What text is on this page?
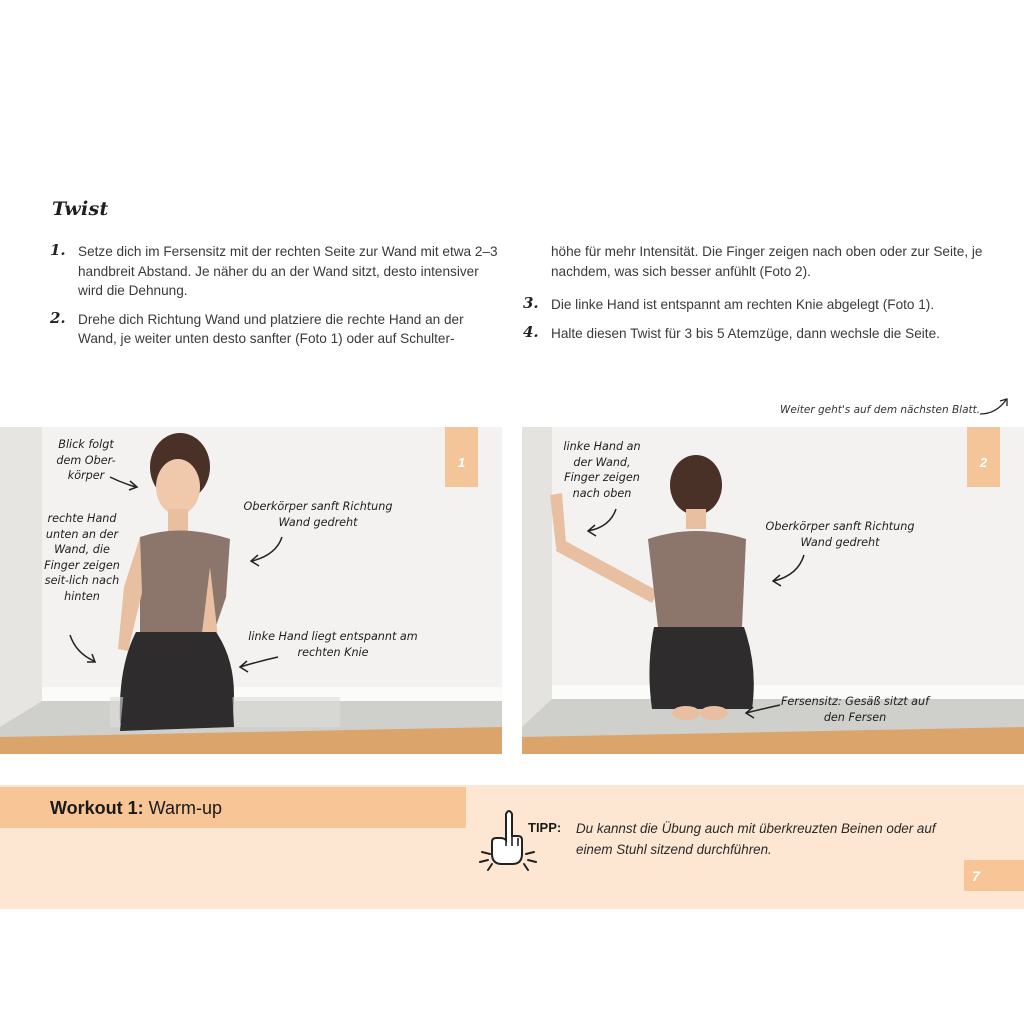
Twist
1. Setze dich im Fersensitz mit der rechten Seite zur Wand mit etwa 2–3 handbreit Abstand. Je näher du an der Wand sitzt, desto intensiver wird die Dehnung.
2. Drehe dich Richtung Wand und platziere die rechte Hand an der Wand, je weiter unten desto sanfter (Foto 1) oder auf Schulter-
höhe für mehr Intensität. Die Finger zeigen nach oben oder zur Seite, je nachdem, was sich besser anfühlt (Foto 2).
3. Die linke Hand ist entspannt am rechten Knie abgelegt (Foto 1).
4. Halte diesen Twist für 3 bis 5 Atemzüge, dann wechsle die Seite.
Weiter geht's auf dem nächsten Blatt.
1
Blick folgt dem Ober-körper
rechte Hand unten an der Wand, die Finger zeigen seit-lich nach hinten
Oberkörper sanft Richtung Wand gedreht
linke Hand liegt entspannt am rechten Knie
2
linke Hand an der Wand, Finger zeigen nach oben
Oberkörper sanft Richtung Wand gedreht
Fersensitz: Gesäß sitzt auf den Fersen
Workout 1: Warm-up
TIPP: Du kannst die Übung auch mit überkreuzten Beinen oder auf einem Stuhl sitzend durchführen.
7
